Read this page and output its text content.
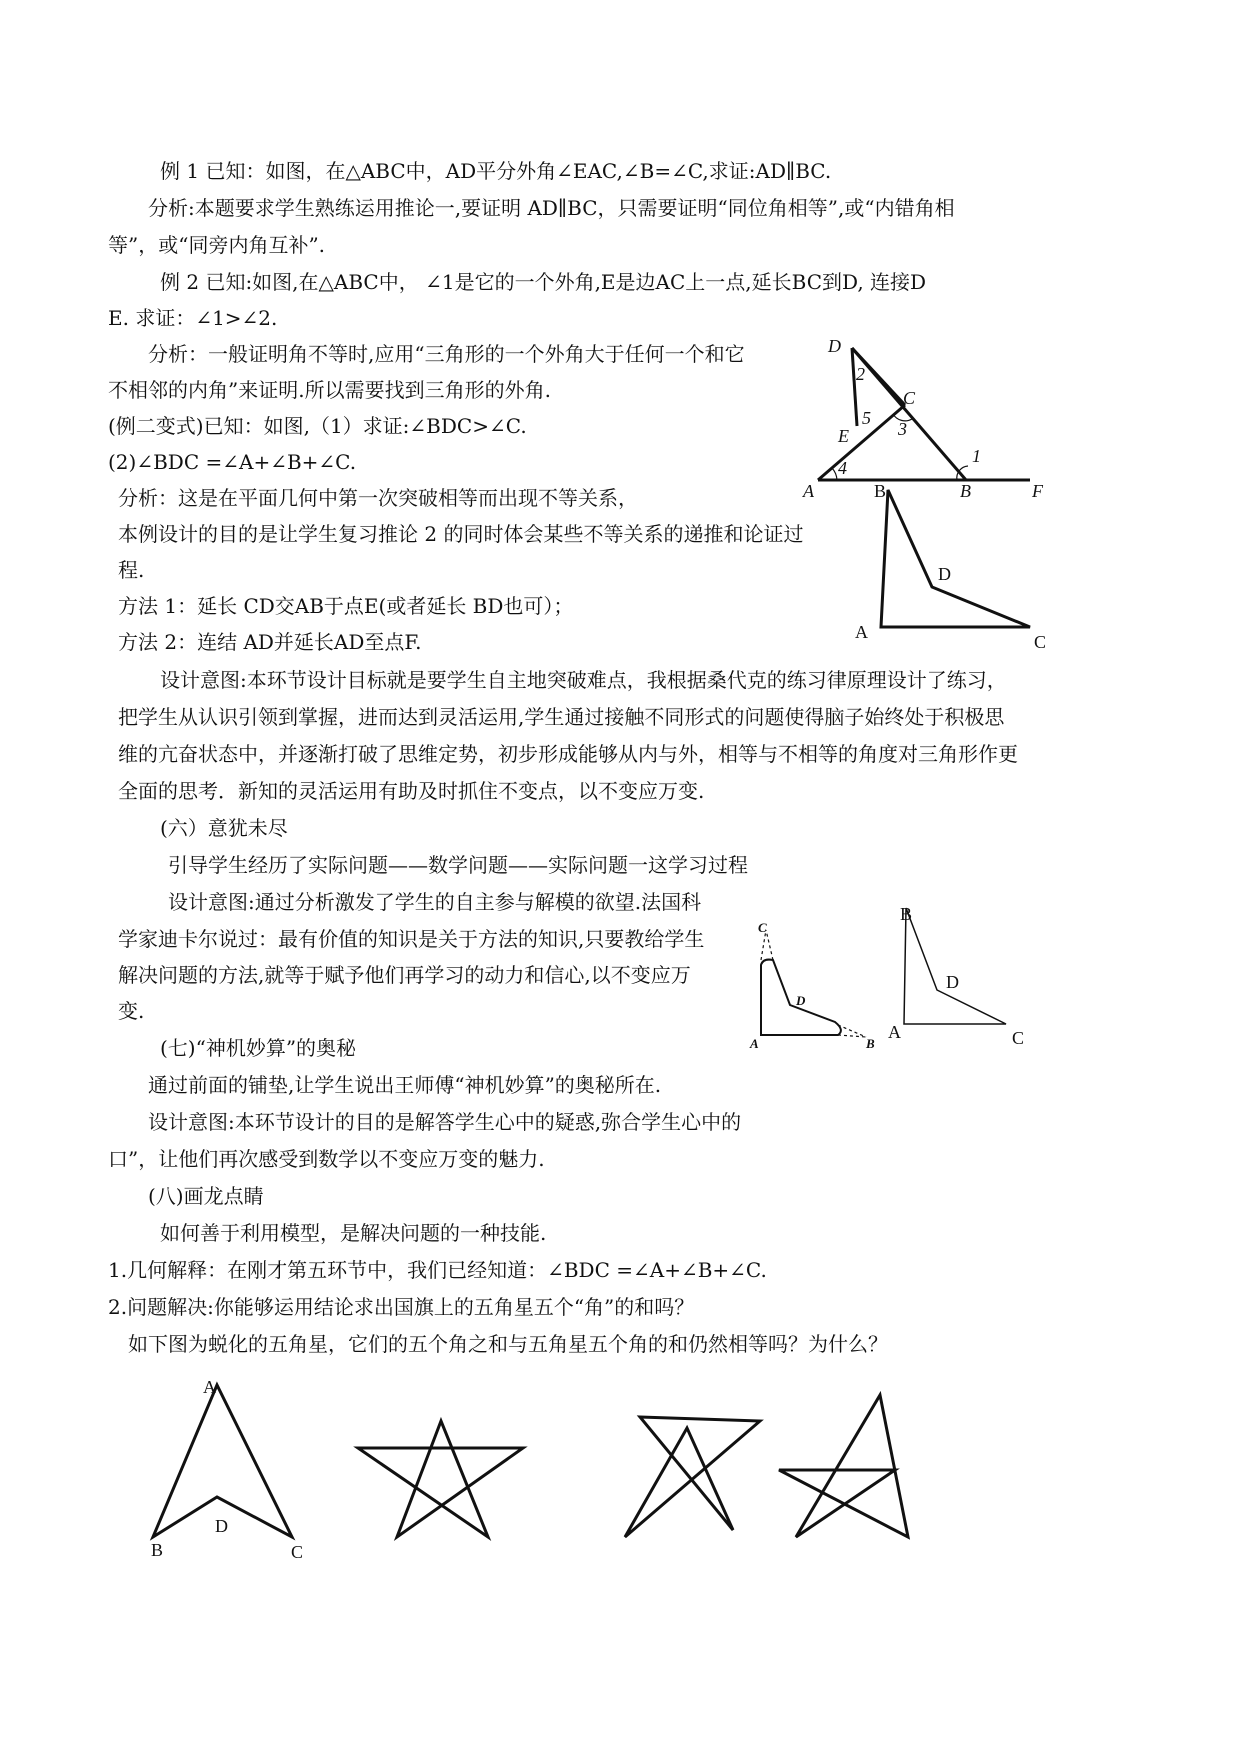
例 1 已知：如图，在△ABC中，AD平分外角∠EAC,∠B=∠C,求证:AD∥BC.
分析:本题要求学生熟练运用推论一,要证明 AD∥BC，只需要证明“同位角相等”,或“内错角相
等”，或“同旁内角互补”.
例 2 已知:如图,在△ABC中， ∠1是它的一个外角,E是边AC上一点,延长BC到D, 连接D
E. 求证：∠1>∠2.
分析：一般证明角不等时,应用“三角形的一个外角大于任何一个和它
不相邻的内角”来证明.所以需要找到三角形的外角.
(例二变式)已知：如图,（1）求证:∠BDC>∠C.
(2)∠BDC =∠A+∠B+∠C.
分析：这是在平面几何中第一次突破相等而出现不等关系，
本例设计的目的是让学生复习推论 2 的同时体会某些不等关系的递推和论证过
程.
方法 1：延长 CD交AB于点E(或者延长 BD也可）；
方法 2：连结 AD并延长AD至点F.
设计意图:本环节设计目标就是要学生自主地突破难点，我根据桑代克的练习律原理设计了练习，
把学生从认识引领到掌握，进而达到灵活运用,学生通过接触不同形式的问题使得脑子始终处于积极思
维的亢奋状态中，并逐渐打破了思维定势，初步形成能够从内与外，相等与不相等的角度对三角形作更
全面的思考．新知的灵活运用有助及时抓住不变点，以不变应万变.
(六）意犹未尽
引导学生经历了实际问题——数学问题——实际问题一这学习过程
设计意图:通过分析激发了学生的自主参与解模的欲望.法国科
学家迪卡尔说过：最有价值的知识是关于方法的知识,只要教给学生
解决问题的方法,就等于赋予他们再学习的动力和信心,以不变应万
变.
(七)“神机妙算”的奥秘
通过前面的铺垫,让学生说出王师傅“神机妙算”的奥秘所在.
设计意图:本环节设计的目的是解答学生心中的疑惑,弥合学生心中的
口”，让他们再次感受到数学以不变应万变的魅力.
(八)画龙点睛
如何善于利用模型，是解决问题的一种技能.
1.几何解释：在刚才第五环节中，我们已经知道：∠BDC =∠A+∠B+∠C.
2.问题解决:你能够运用结论求出国旗上的五角星五个“角”的和吗？
如下图为蜕化的五角星，它们的五个角之和与五角星五个角的和仍然相等吗？为什么？
D
C
E
A	B	B	F
1
2
3
4
5
D
A	C
C
D
A	B
B
D
A	C
A
D
B	C
